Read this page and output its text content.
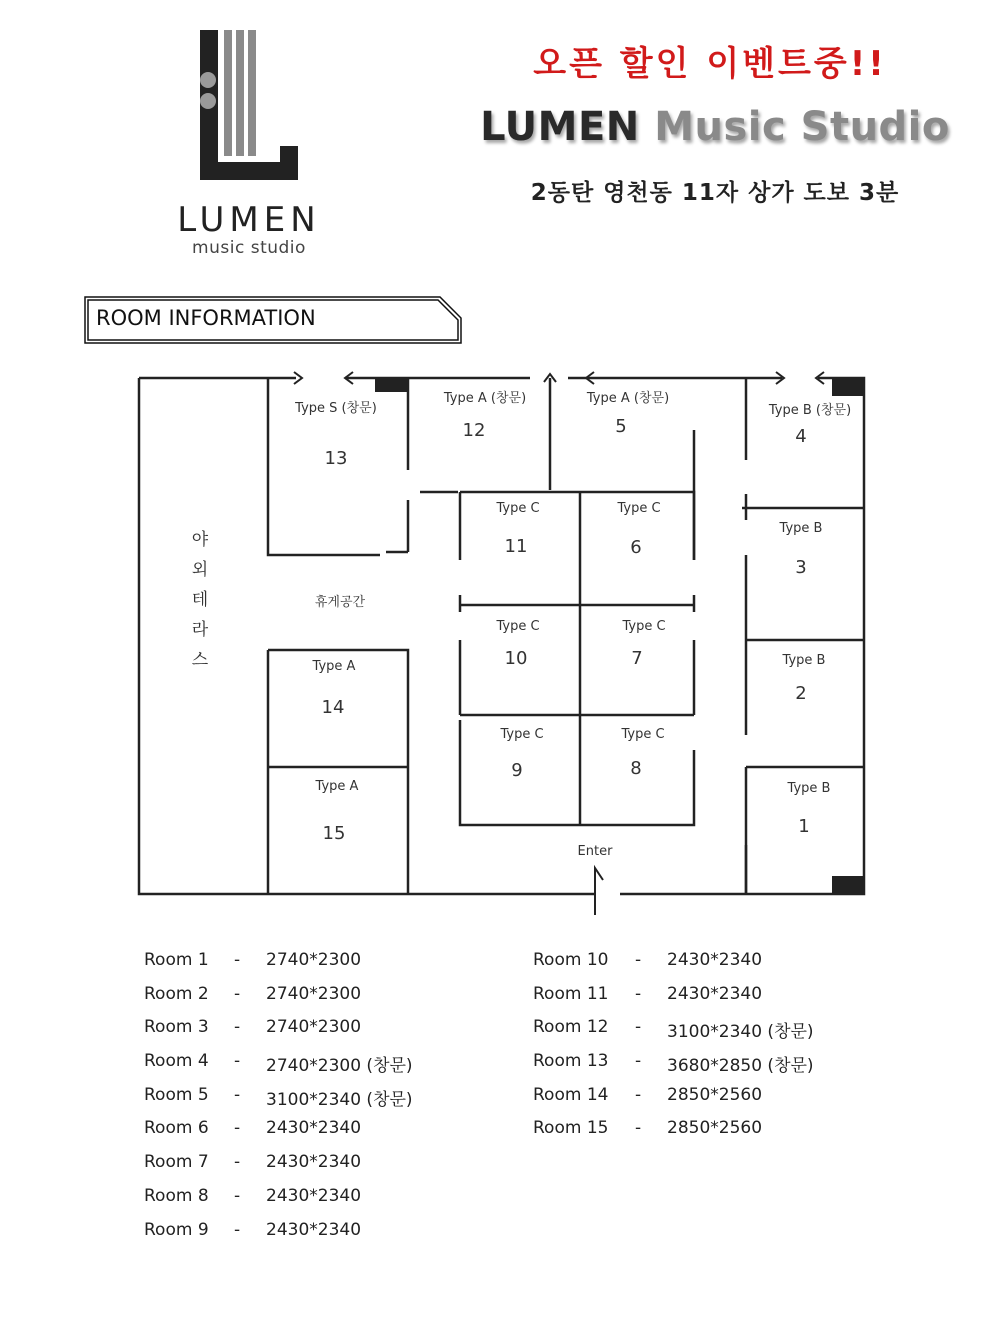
LUMEN
music studio
오픈 할인 이벤트중!!
LUMEN Music Studio
2동탄 영천동 11자 상가 도보 3분
ROOM INFORMATION
야
외
테
라
스
휴게공간
Enter
Type S (창문)
13
Type A (창문)
12
Type A (창문)
5
Type B (창문)
4
Type C
11
Type C
6
Type B
3
Type C
10
Type C
7
Type A
14
Type B
2
Type C
9
Type C
8
Type A
15
Type B
1
Room 1 - 2740*2300
Room 2 - 2740*2300
Room 3 - 2740*2300
Room 4 - 2740*2300 (창문)
Room 5 - 3100*2340 (창문)
Room 6 - 2430*2340
Room 7 - 2430*2340
Room 8 - 2430*2340
Room 9 - 2430*2340
Room 10 - 2430*2340
Room 11 - 2430*2340
Room 12 - 3100*2340 (창문)
Room 13 - 3680*2850 (창문)
Room 14 - 2850*2560
Room 15 - 2850*2560
